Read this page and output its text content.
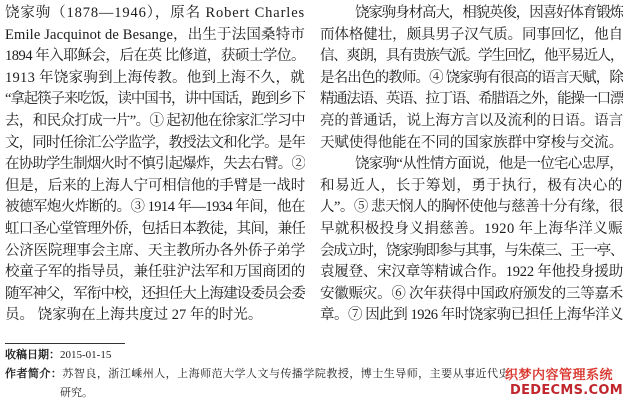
饶家驹（1878—1946），原名 Robert Charles
Emile Jacquinot de Besange，出生于法国桑特市
1894 年入耶稣会，后在英 比修道，获硕士学位。
1913 年饶家驹到上海传教。他到上海不久，就
“拿起筷子来吃饭，读中国书，讲中国话，跑到乡下
去，和民众打成一片”。① 起初他在徐家汇学习中
文，同时任徐汇公学监学，教授法文和化学。是年
在协助学生制烟火时不慎引起爆炸，失去右臂。②
但是，后来的上海人宁可相信他的手臂是一战时
被德军炮火炸断的。③ 1914 年—1934 年间，他在
虹口圣心堂管理外侨，包括日本教徒，其间，兼任
公济医院理事会主席、天主教所办各外侨子弟学
校童子军的指导员，兼任驻沪法军和万国商团的
随军神父，军衔中校，还担任大上海建设委员会委
员。 饶家驹在上海共度过 27 年的时光。
饶家驹身材高大，相貌英俊，因喜好体育锻炼
而体格健壮，颇具男子汉气质。同事回忆，他自
信、爽朗，具有贵族气派。学生回忆，他平易近人，
是名出色的教师。④ 饶家驹有很高的语言天赋，除
精通法语、英语、拉丁语、希腊语之外，能操一口漂
亮的普通话，说上海方言以及流利的日语。语言
天赋使得他能在不同的国家族群中穿梭与交流。
饶家驹“从性情方面说，他是一位宅心忠厚，
和易近人，长于筹划，勇于执行，极有决心的
人”。⑤ 悲天悯人的胸怀使他与慈善十分有缘，很
早就积极投身义捐慈善。1920 年上海华洋义赈
会成立时，饶家驹即参与其事，与朱葆三、王一亭、
袁履登、宋汉章等精诚合作。1922 年他投身援助
安徽赈灾。⑥ 次年获得中国政府颁发的三等嘉禾
章。⑦ 因此到 1926 年时饶家驹已担任上海华洋义
收稿日期：2015-01-15
作者简介：苏智良，浙江嵊州人，上海师范大学人文与传播学院教授，博士生导师，主要从事近代史
研究。
织梦内容管理系统
DEDECMS.COM
